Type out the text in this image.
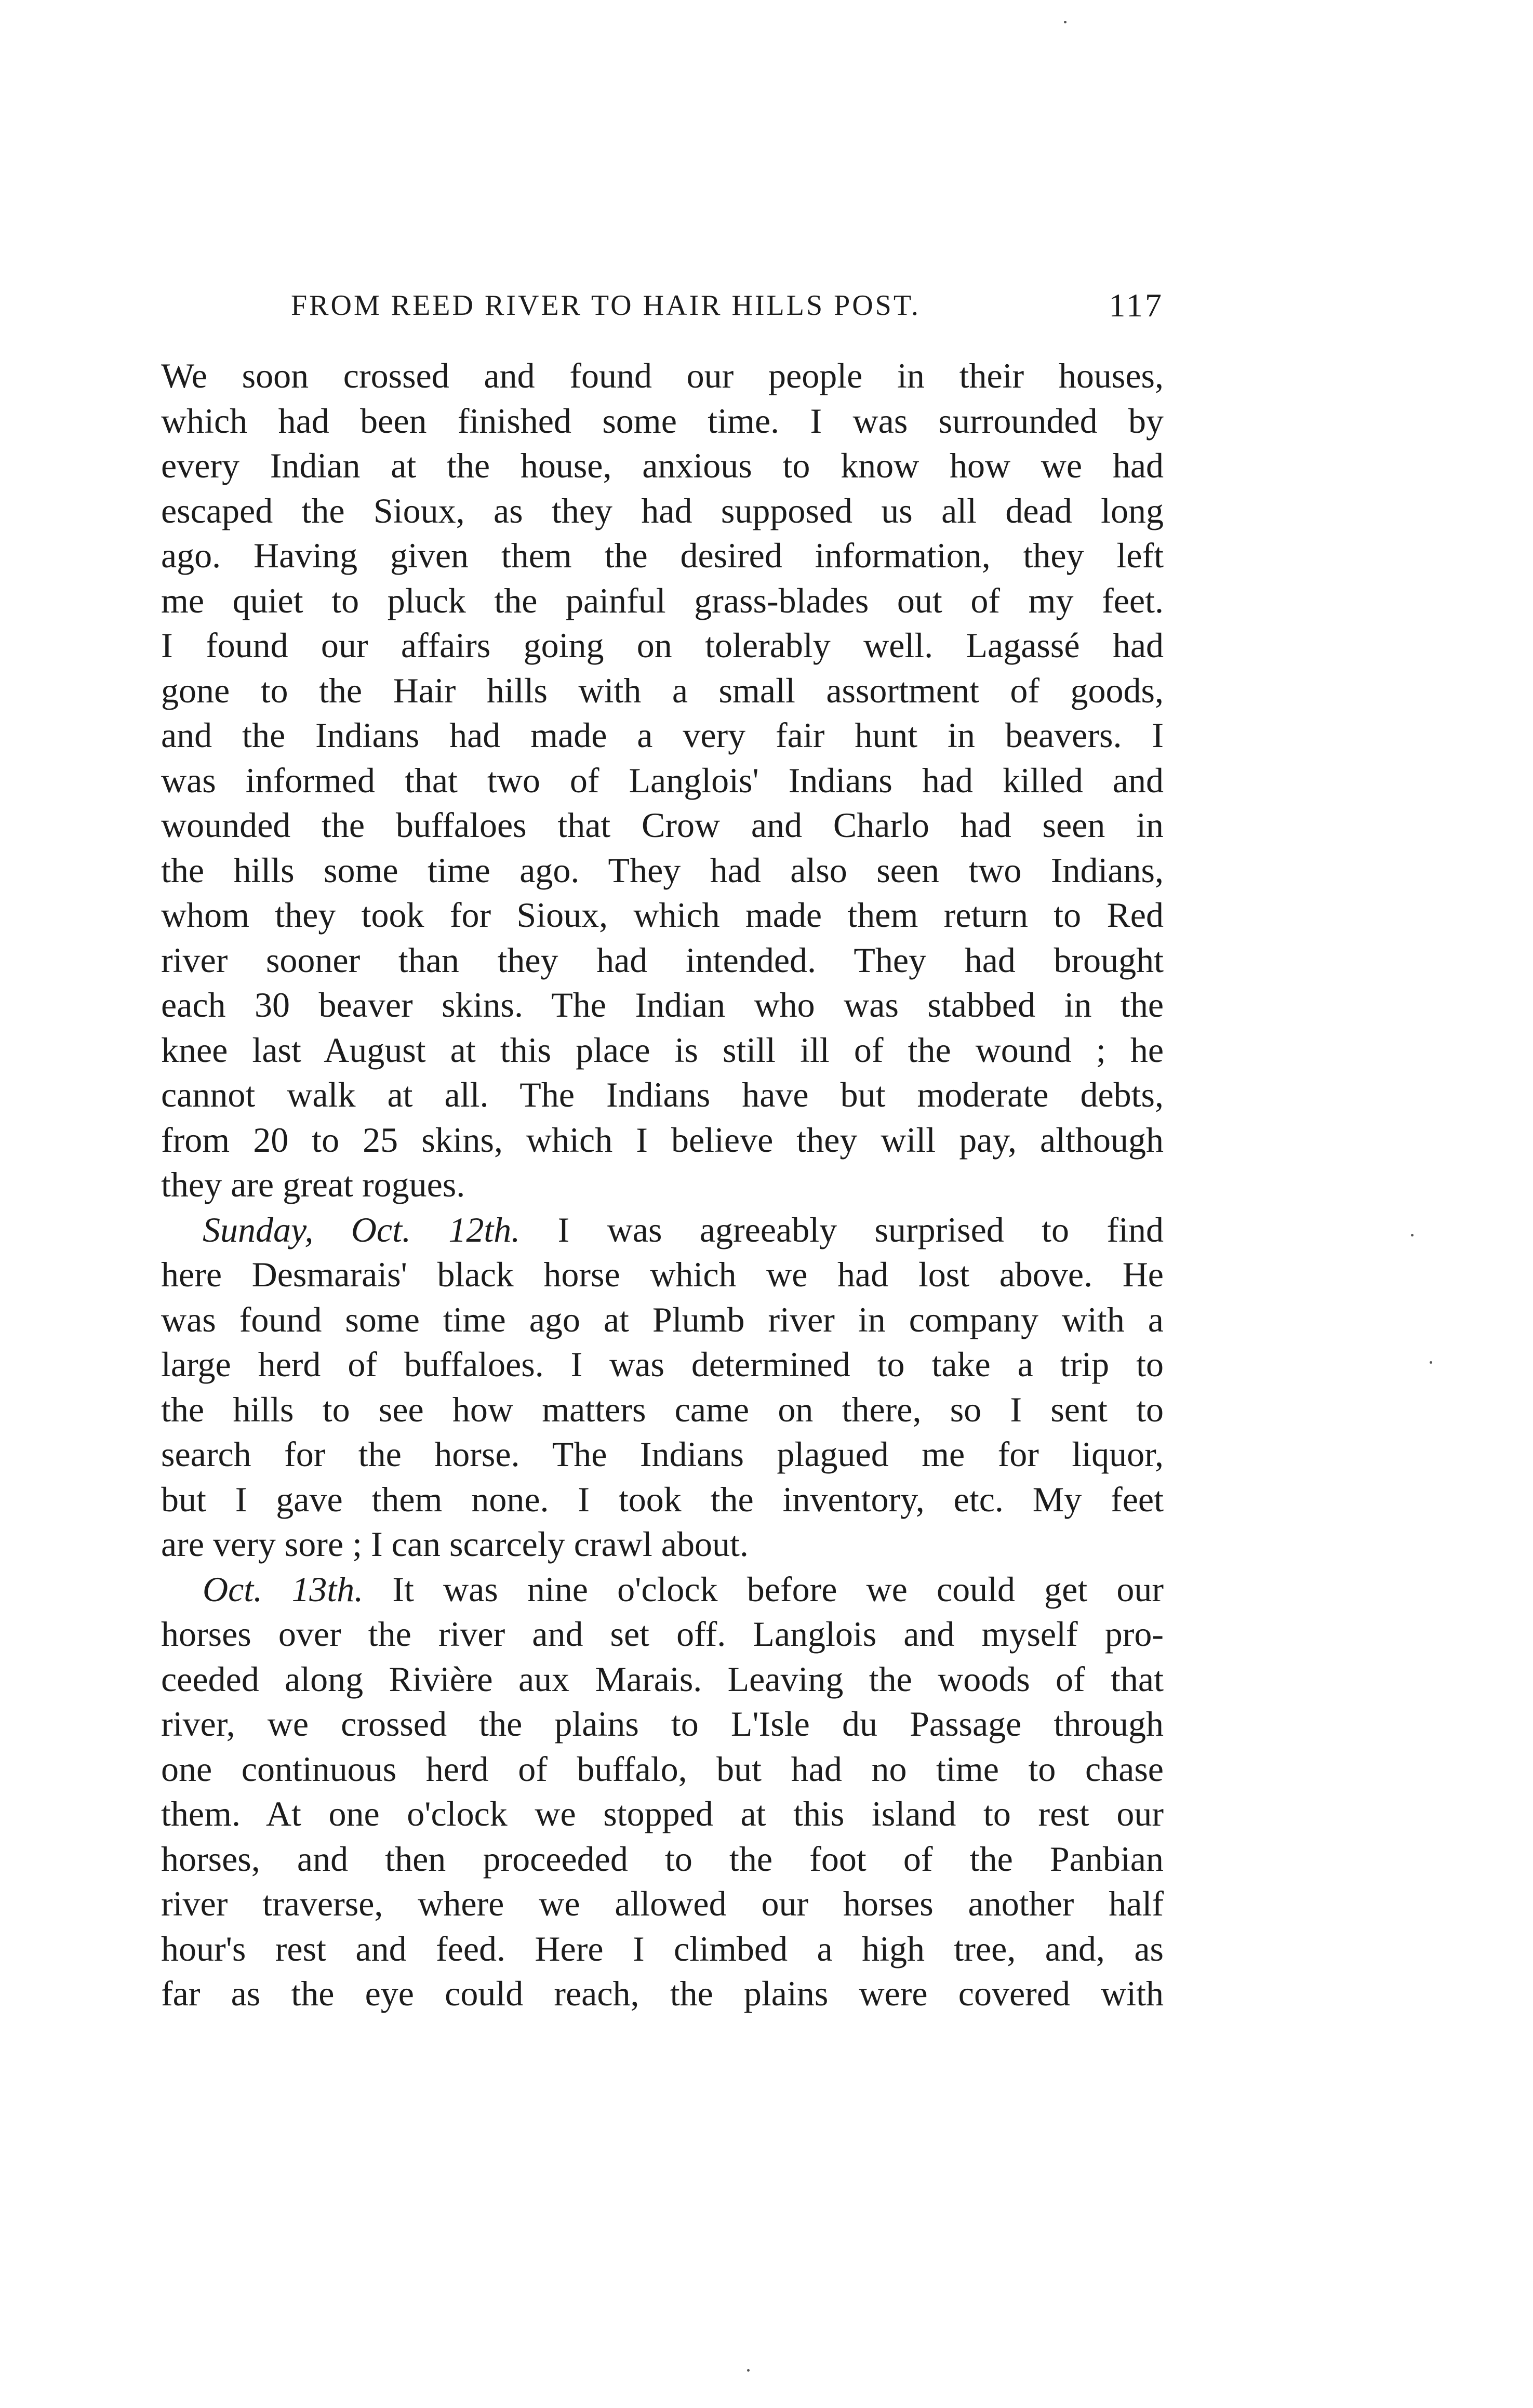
FROM REED RIVER TO HAIR HILLS POST.	117
We soon crossed and found our people in their houses,
which had been finished some time. I was surrounded by
every Indian at the house, anxious to know how we had
escaped the Sioux, as they had supposed us all dead long
ago. Having given them the desired information, they left
me quiet to pluck the painful grass-blades out of my feet.
I found our affairs going on tolerably well. Lagassé had
gone to the Hair hills with a small assortment of goods,
and the Indians had made a very fair hunt in beavers. I
was informed that two of Langlois' Indians had killed and
wounded the buffaloes that Crow and Charlo had seen in
the hills some time ago. They had also seen two Indians,
whom they took for Sioux, which made them return to Red
river sooner than they had intended. They had brought
each 30 beaver skins. The Indian who was stabbed in the
knee last August at this place is still ill of the wound ; he
cannot walk at all. The Indians have but moderate debts,
from 20 to 25 skins, which I believe they will pay, although
they are great rogues.
Sunday, Oct. 12th. I was agreeably surprised to find
here Desmarais' black horse which we had lost above. He
was found some time ago at Plumb river in company with a
large herd of buffaloes. I was determined to take a trip to
the hills to see how matters came on there, so I sent to
search for the horse. The Indians plagued me for liquor,
but I gave them none. I took the inventory, etc. My feet
are very sore ; I can scarcely crawl about.
Oct. 13th. It was nine o'clock before we could get our
horses over the river and set off. Langlois and myself pro-
ceeded along Rivière aux Marais. Leaving the woods of that
river, we crossed the plains to L'Isle du Passage through
one continuous herd of buffalo, but had no time to chase
them. At one o'clock we stopped at this island to rest our
horses, and then proceeded to the foot of the Panbian
river traverse, where we allowed our horses another half
hour's rest and feed. Here I climbed a high tree, and, as
far as the eye could reach, the plains were covered with
